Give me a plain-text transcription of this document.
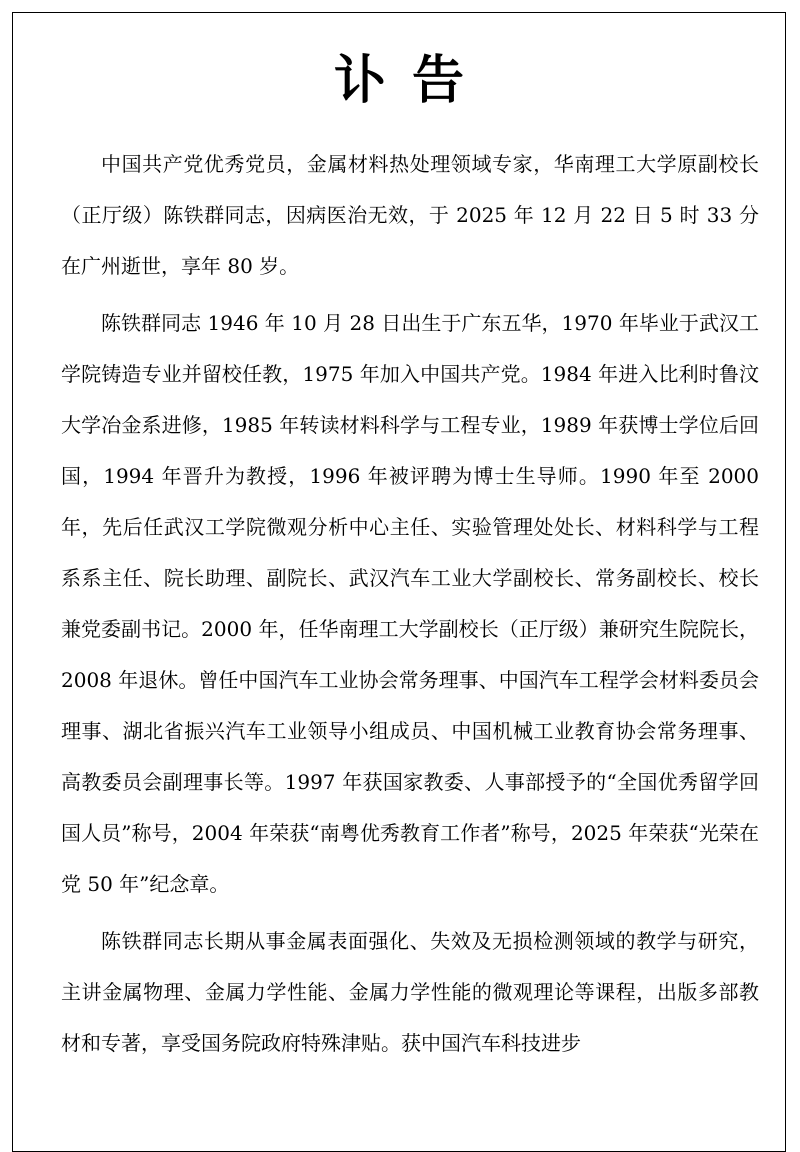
讣告

中国共产党优秀党员，金属材料热处理领域专家，华南理工大学原副校长（正厅级）陈铁群同志，因病医治无效，于 2025 年 12 月 22 日 5 时 33 分在广州逝世，享年 80 岁。

陈铁群同志 1946 年 10 月 28 日出生于广东五华，1970 年毕业于武汉工学院铸造专业并留校任教，1975 年加入中国共产党。1984 年进入比利时鲁汶大学冶金系进修，1985 年转读材料科学与工程专业，1989 年获博士学位后回国，1994 年晋升为教授，1996 年被评聘为博士生导师。1990 年至 2000 年，先后任武汉工学院微观分析中心主任、实验管理处处长、材料科学与工程系系主任、院长助理、副院长、武汉汽车工业大学副校长、常务副校长、校长兼党委副书记。2000 年，任华南理工大学副校长（正厅级）兼研究生院院长，2008 年退休。曾任中国汽车工业协会常务理事、中国汽车工程学会材料委员会理事、湖北省振兴汽车工业领导小组成员、中国机械工业教育协会常务理事、高教委员会副理事长等。1997 年获国家教委、人事部授予的“全国优秀留学回国人员”称号，2004 年荣获“南粤优秀教育工作者”称号，2025 年荣获“光荣在党 50 年”纪念章。

陈铁群同志长期从事金属表面强化、失效及无损检测领域的教学与研究，主讲金属物理、金属力学性能、金属力学性能的微观理论等课程，出版多部教材和专著，享受国务院政府特殊津贴。获中国汽车科技进步
